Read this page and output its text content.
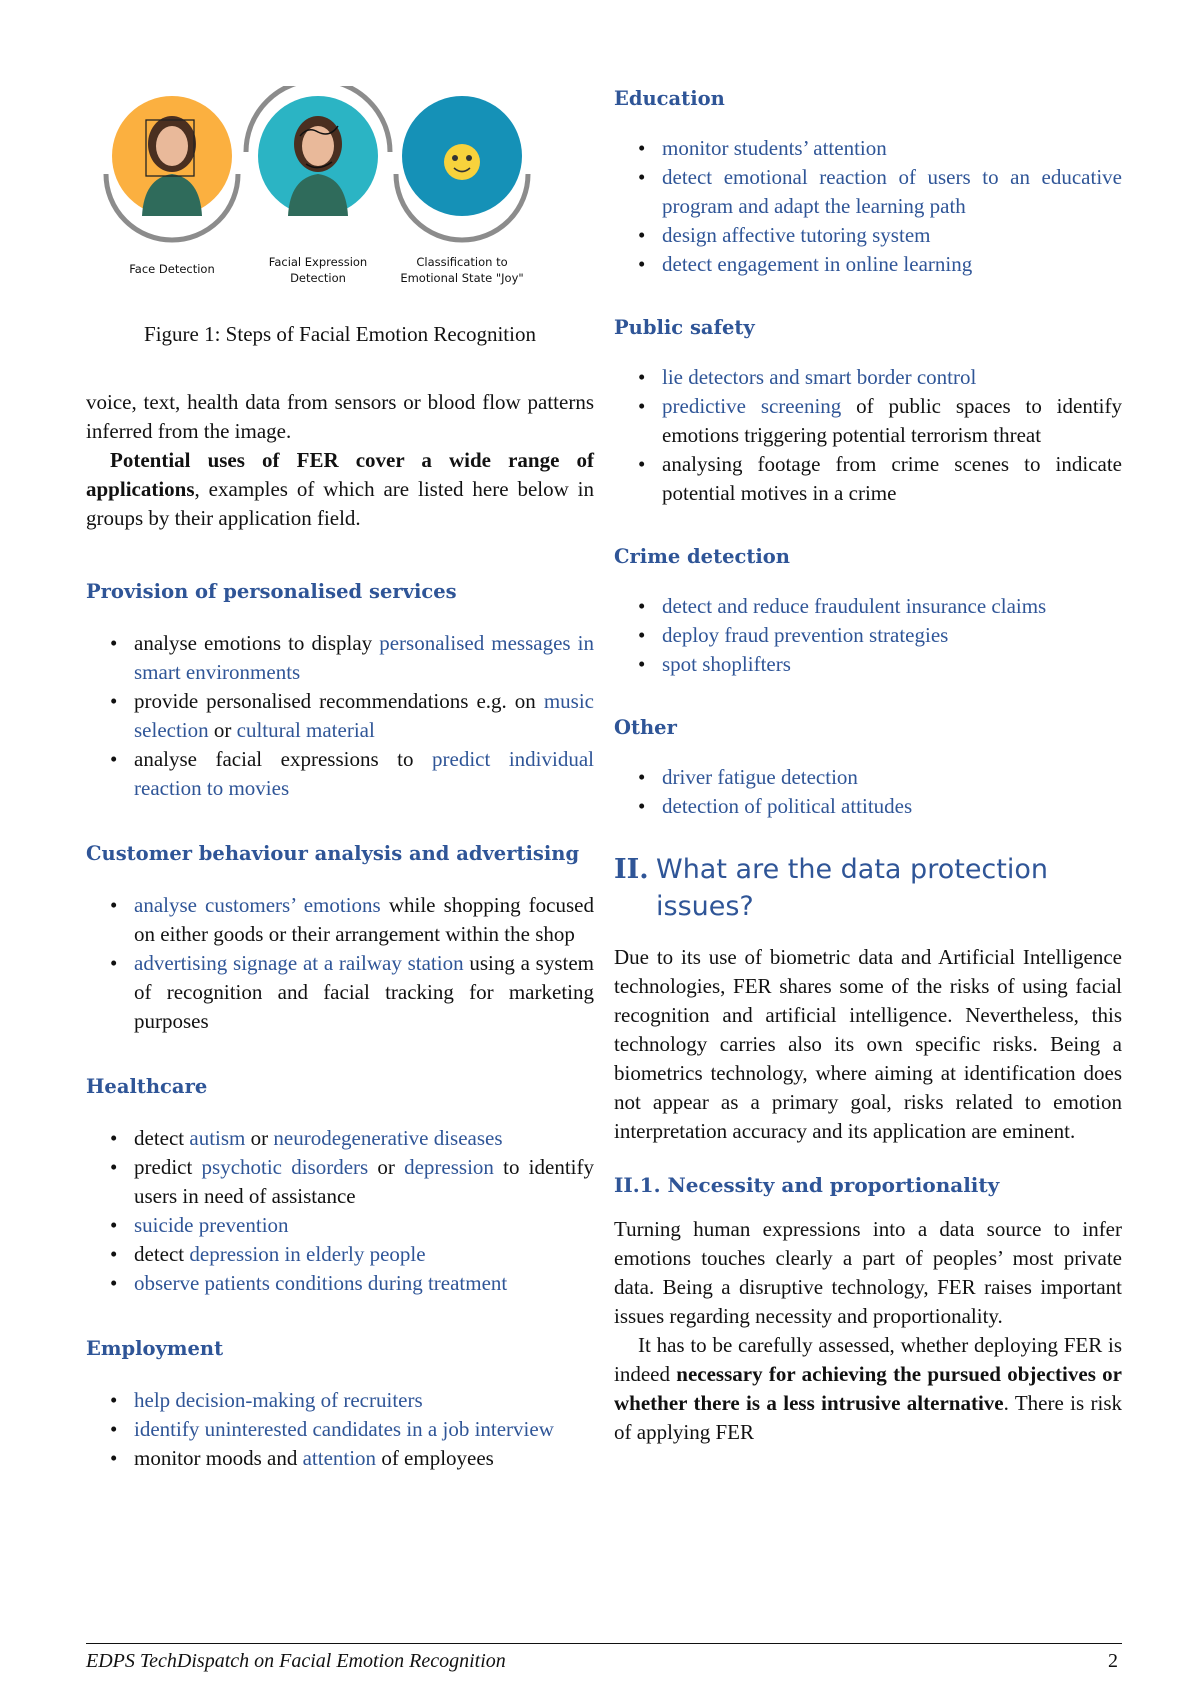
Face Detection	Facial Expression
Detection
Classification to
Emotional State "Joy"
Figure 1: Steps of Facial Emotion Recognition

voice, text, health data from sensors or blood flow patterns inferred from the image.

Potential uses of FER cover a wide range of applications, examples of which are listed here below in groups by their application field.

Provision of personalised services
• analyse emotions to display personalised messages in smart environments
• provide personalised recommendations e.g. on music selection or cultural material
• analyse facial expressions to predict individual reaction to movies
Customer behaviour analysis and advertising
• analyse customers’ emotions while shopping focused on either goods or their arrangement within the shop
• advertising signage at a railway station using a system of recognition and facial tracking for marketing purposes
Healthcare
• detect autism or neurodegenerative diseases
• predict psychotic disorders or depression to identify users in need of assistance
• suicide prevention
• detect depression in elderly people
• observe patients conditions during treatment
Employment
• help decision-making of recruiters
• identify uninterested candidates in a job interview
• monitor moods and attention of employees
Education
• monitor students’ attention
• detect emotional reaction of users to an educative program and adapt the learning path
• design affective tutoring system
• detect engagement in online learning
Public safety
• lie detectors and smart border control
• predictive screening of public spaces to identify emotions triggering potential terrorism threat
• analysing footage from crime scenes to indicate potential motives in a crime
Crime detection
• detect and reduce fraudulent insurance claims
• deploy fraud prevention strategies
• spot shoplifters
Other
• driver fatigue detection
• detection of political attitudes
II. What are the data protection issues?

Due to its use of biometric data and Artificial Intelligence technologies, FER shares some of the risks of using facial recognition and artificial intelligence. Nevertheless, this technology carries also its own specific risks. Being a biometrics technology, where aiming at identification does not appear as a primary goal, risks related to emotion interpretation accuracy and its application are eminent.

II.1. Necessity and proportionality

Turning human expressions into a data source to infer emotions touches clearly a part of peoples’ most private data. Being a disruptive technology, FER raises important issues regarding necessity and proportionality.

It has to be carefully assessed, whether deploying FER is indeed necessary for achieving the pursued objectives or whether there is a less intrusive alternative. There is risk of applying FER

EDPS TechDispatch on Facial Emotion Recognition	2
